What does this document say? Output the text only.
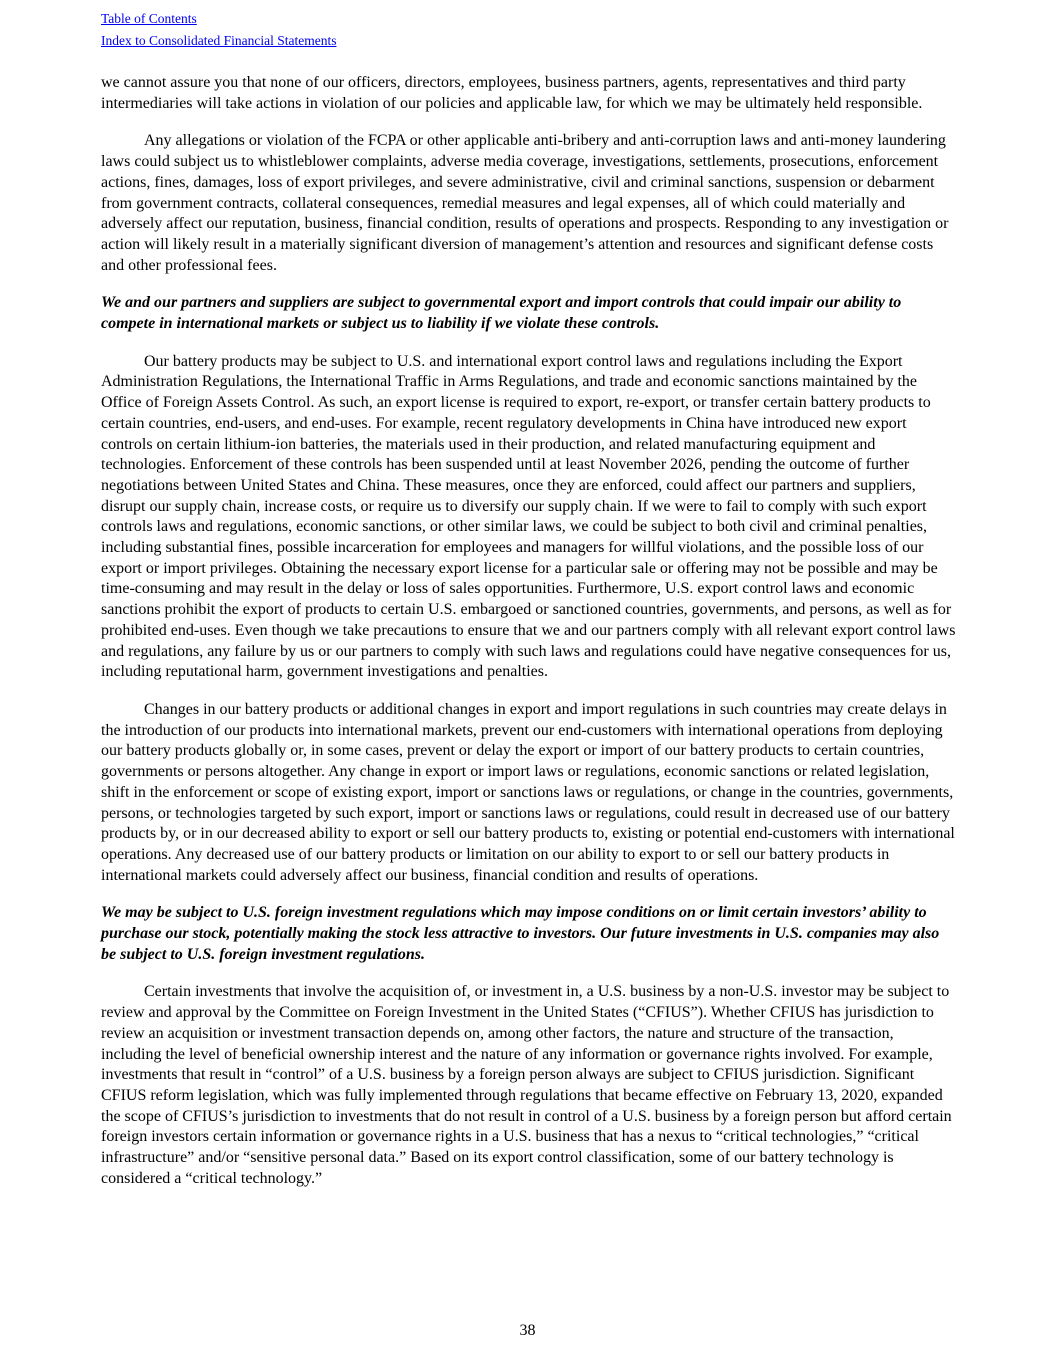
Table of Contents
Index to Consolidated Financial Statements

we cannot assure you that none of our officers, directors, employees, business partners, agents, representatives and third party intermediaries will take actions in violation of our policies and applicable law, for which we may be ultimately held responsible.

Any allegations or violation of the FCPA or other applicable anti-bribery and anti-corruption laws and anti-money laundering laws could subject us to whistleblower complaints, adverse media coverage, investigations, settlements, prosecutions, enforcement actions, fines, damages, loss of export privileges, and severe administrative, civil and criminal sanctions, suspension or debarment from government contracts, collateral consequences, remedial measures and legal expenses, all of which could materially and adversely affect our reputation, business, financial condition, results of operations and prospects. Responding to any investigation or action will likely result in a materially significant diversion of management’s attention and resources and significant defense costs and other professional fees.

We and our partners and suppliers are subject to governmental export and import controls that could impair our ability to compete in international markets or subject us to liability if we violate these controls.

Our battery products may be subject to U.S. and international export control laws and regulations including the Export Administration Regulations, the International Traffic in Arms Regulations, and trade and economic sanctions maintained by the Office of Foreign Assets Control. As such, an export license is required to export, re-export, or transfer certain battery products to certain countries, end-users, and end-uses. For example, recent regulatory developments in China have introduced new export controls on certain lithium-ion batteries, the materials used in their production, and related manufacturing equipment and technologies. Enforcement of these controls has been suspended until at least November 2026, pending the outcome of further negotiations between United States and China. These measures, once they are enforced, could affect our partners and suppliers, disrupt our supply chain, increase costs, or require us to diversify our supply chain. If we were to fail to comply with such export controls laws and regulations, economic sanctions, or other similar laws, we could be subject to both civil and criminal penalties, including substantial fines, possible incarceration for employees and managers for willful violations, and the possible loss of our export or import privileges. Obtaining the necessary export license for a particular sale or offering may not be possible and may be time-consuming and may result in the delay or loss of sales opportunities. Furthermore, U.S. export control laws and economic sanctions prohibit the export of products to certain U.S. embargoed or sanctioned countries, governments, and persons, as well as for prohibited end-uses. Even though we take precautions to ensure that we and our partners comply with all relevant export control laws and regulations, any failure by us or our partners to comply with such laws and regulations could have negative consequences for us, including reputational harm, government investigations and penalties.

Changes in our battery products or additional changes in export and import regulations in such countries may create delays in the introduction of our products into international markets, prevent our end-customers with international operations from deploying our battery products globally or, in some cases, prevent or delay the export or import of our battery products to certain countries, governments or persons altogether. Any change in export or import laws or regulations, economic sanctions or related legislation, shift in the enforcement or scope of existing export, import or sanctions laws or regulations, or change in the countries, governments, persons, or technologies targeted by such export, import or sanctions laws or regulations, could result in decreased use of our battery products by, or in our decreased ability to export or sell our battery products to, existing or potential end-customers with international operations. Any decreased use of our battery products or limitation on our ability to export to or sell our battery products in international markets could adversely affect our business, financial condition and results of operations.

We may be subject to U.S. foreign investment regulations which may impose conditions on or limit certain investors’ ability to purchase our stock, potentially making the stock less attractive to investors. Our future investments in U.S. companies may also be subject to U.S. foreign investment regulations.

Certain investments that involve the acquisition of, or investment in, a U.S. business by a non-U.S. investor may be subject to review and approval by the Committee on Foreign Investment in the United States (“CFIUS”). Whether CFIUS has jurisdiction to review an acquisition or investment transaction depends on, among other factors, the nature and structure of the transaction, including the level of beneficial ownership interest and the nature of any information or governance rights involved. For example, investments that result in “control” of a U.S. business by a foreign person always are subject to CFIUS jurisdiction. Significant CFIUS reform legislation, which was fully implemented through regulations that became effective on February 13, 2020, expanded the scope of CFIUS’s jurisdiction to investments that do not result in control of a U.S. business by a foreign person but afford certain foreign investors certain information or governance rights in a U.S. business that has a nexus to “critical technologies,” “critical infrastructure” and/or “sensitive personal data.” Based on its export control classification, some of our battery technology is considered a “critical technology.”

38
